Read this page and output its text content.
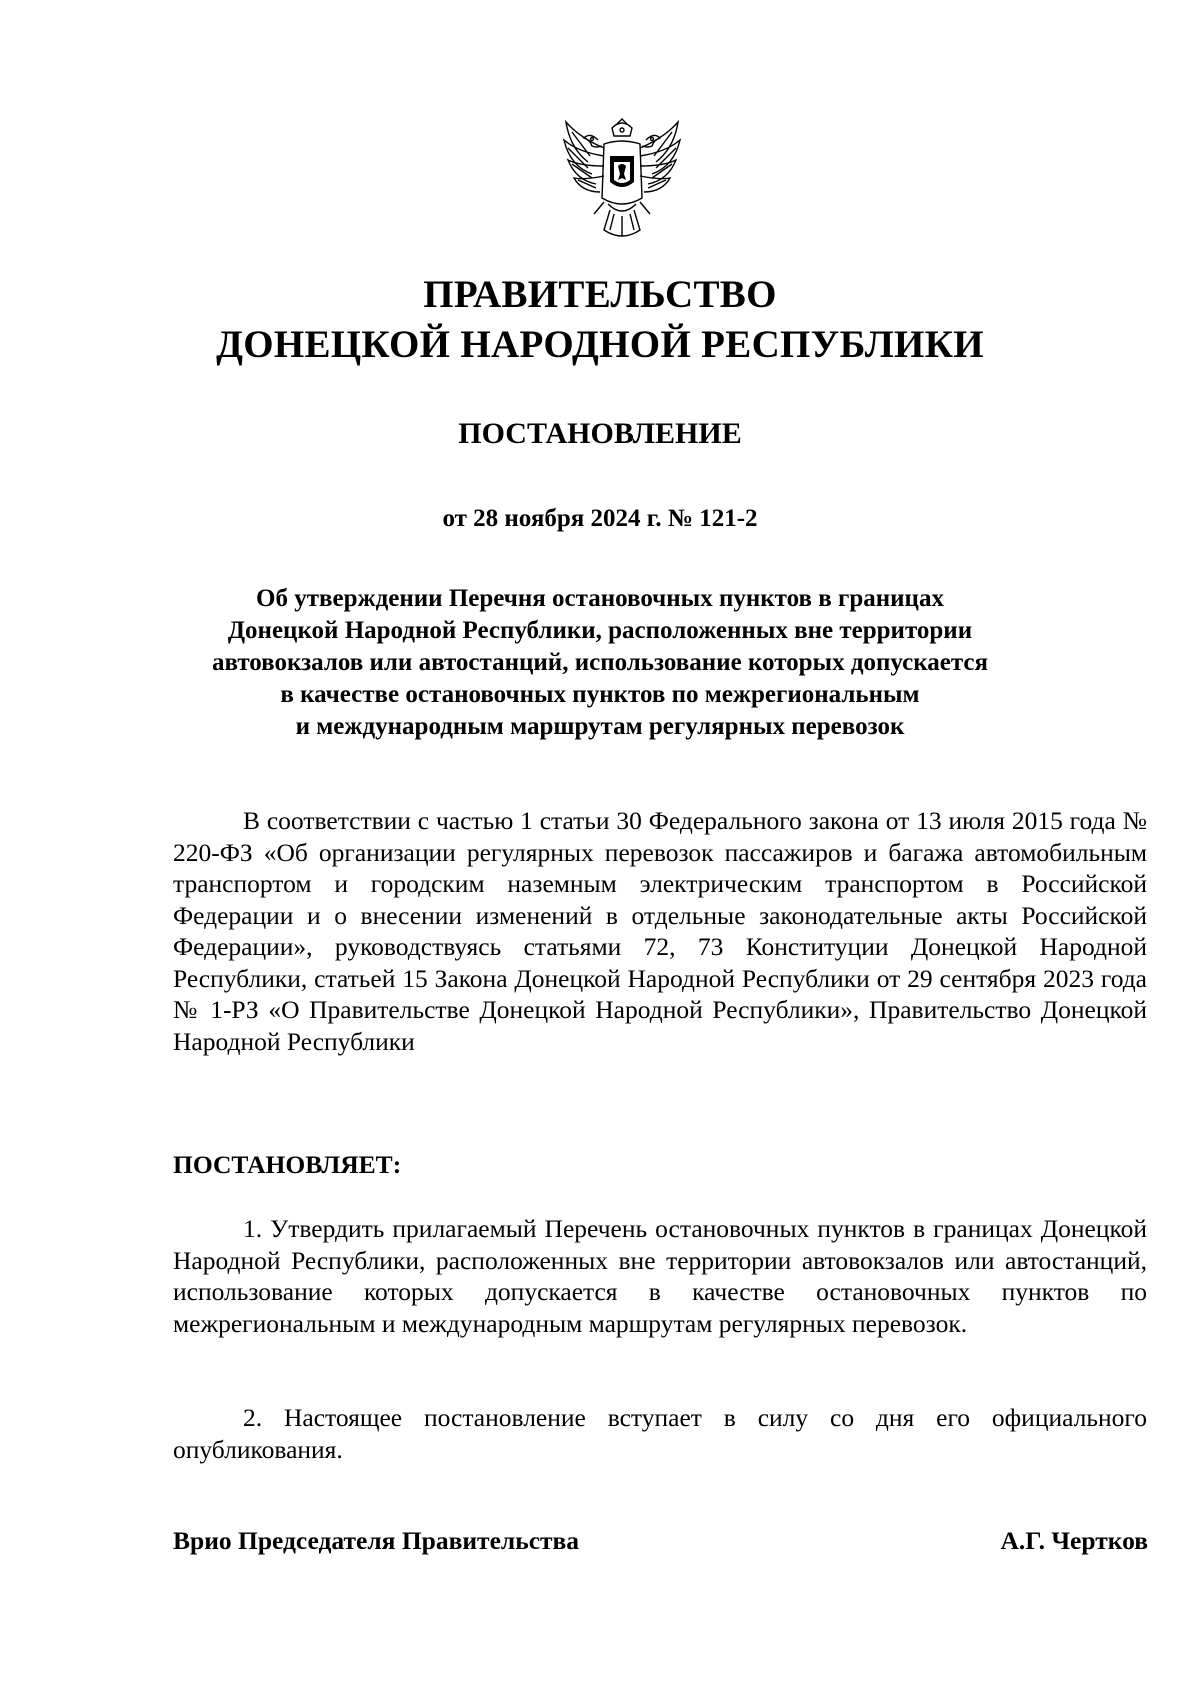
ПРАВИТЕЛЬСТВО
ДОНЕЦКОЙ НАРОДНОЙ РЕСПУБЛИКИ
ПОСТАНОВЛЕНИЕ
от 28 ноября 2024 г. № 121-2
Об утверждении Перечня остановочных пунктов в границах
Донецкой Народной Республики, расположенных вне территории
автовокзалов или автостанций, использование которых допускается
в качестве остановочных пунктов по межрегиональным
и международным маршрутам регулярных перевозок

В соответствии с частью 1 статьи 30 Федерального закона от 13 июля 2015 года № 220-ФЗ «Об организации регулярных перевозок пассажиров и багажа автомобильным транспортом и городским наземным электрическим транспортом в Российской Федерации и о внесении изменений в отдельные законодательные акты Российской Федерации», руководствуясь статьями 72, 73 Конституции Донецкой Народной Республики, статьей 15 Закона Донецкой Народной Республики от 29 сентября 2023 года № 1-РЗ «О Правительстве Донецкой Народной Республики», Правительство Донецкой Народной Республики

ПОСТАНОВЛЯЕТ:

1. Утвердить прилагаемый Перечень остановочных пунктов в границах Донецкой Народной Республики, расположенных вне территории автовокзалов или автостанций, использование которых допускается в качестве остановочных пунктов по межрегиональным и международным маршрутам регулярных перевозок.

2. Настоящее постановление вступает в силу со дня его официального опубликования.

Врио Председателя Правительства	А.Г. Чертков
